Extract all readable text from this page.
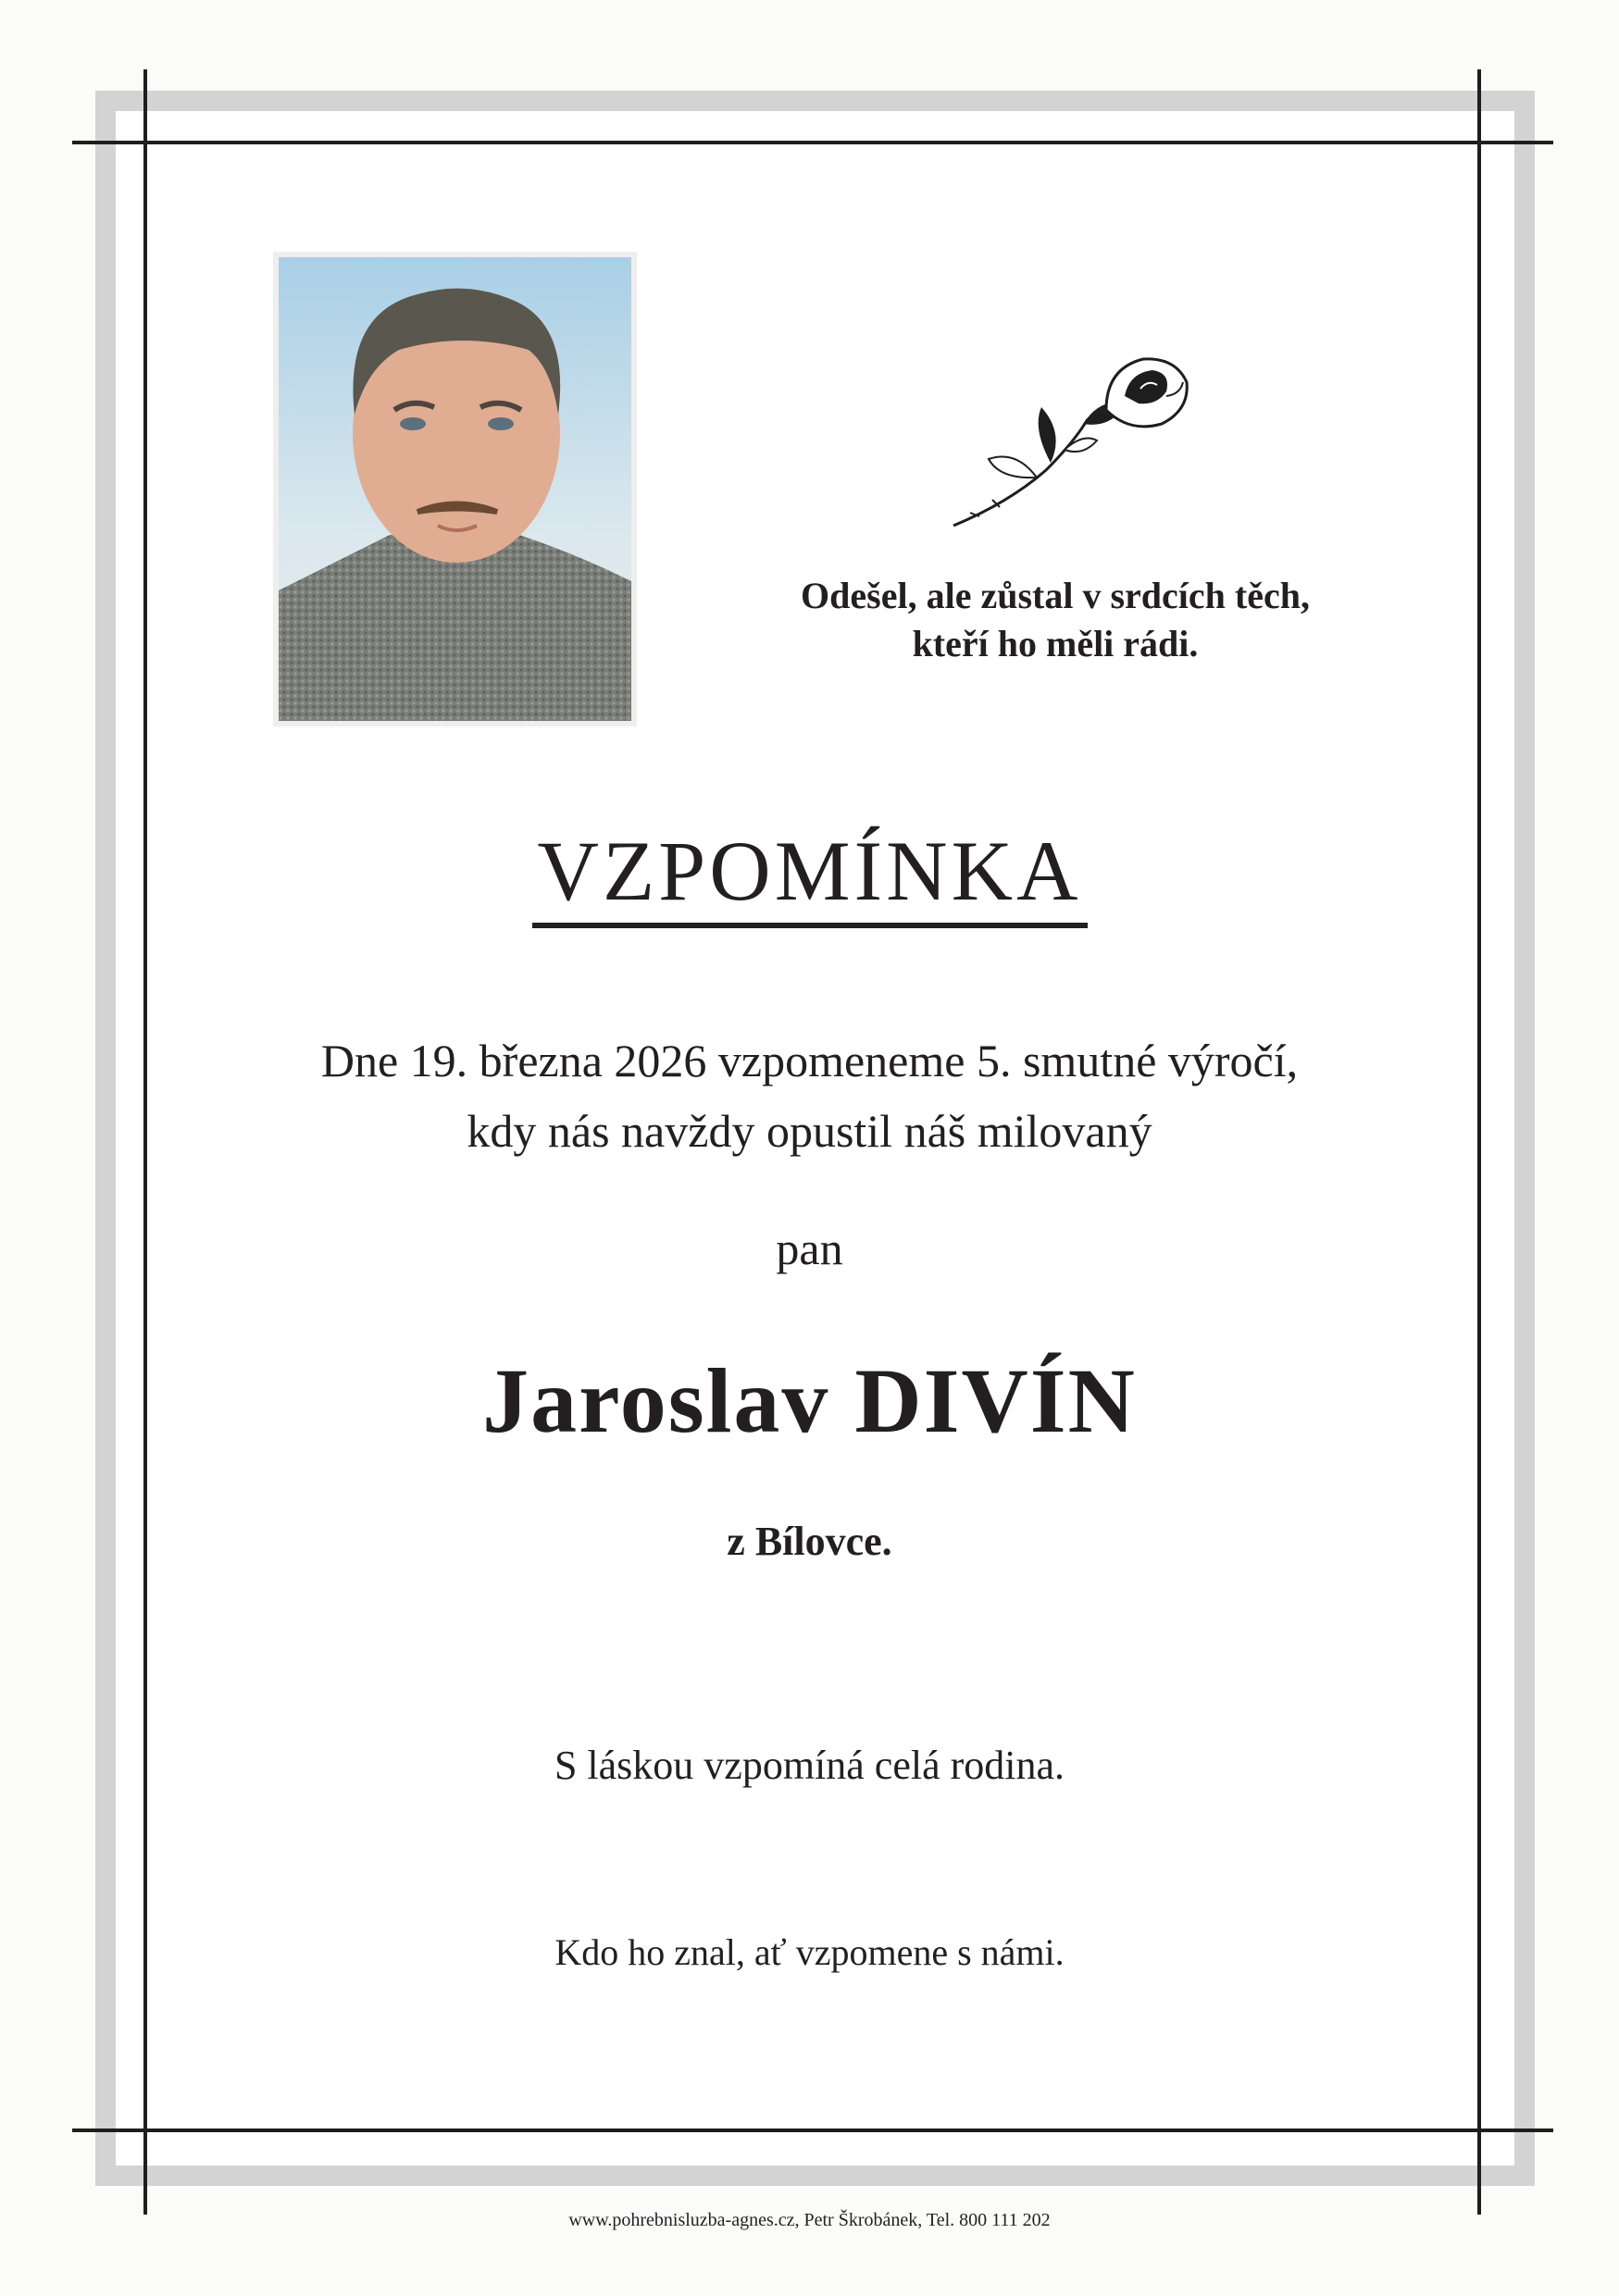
Odešel, ale zůstal v srdcích těch,
kteří ho měli rádi.
VZPOMÍNKA
Dne 19. března 2026 vzpomeneme 5. smutné výročí,
kdy nás navždy opustil náš milovaný
pan
Jaroslav DIVÍN
z Bílovce.
S láskou vzpomíná celá rodina.
Kdo ho znal, ať vzpomene s námi.
www.pohrebnisluzba-agnes.cz, Petr Škrobánek, Tel. 800 111 202
